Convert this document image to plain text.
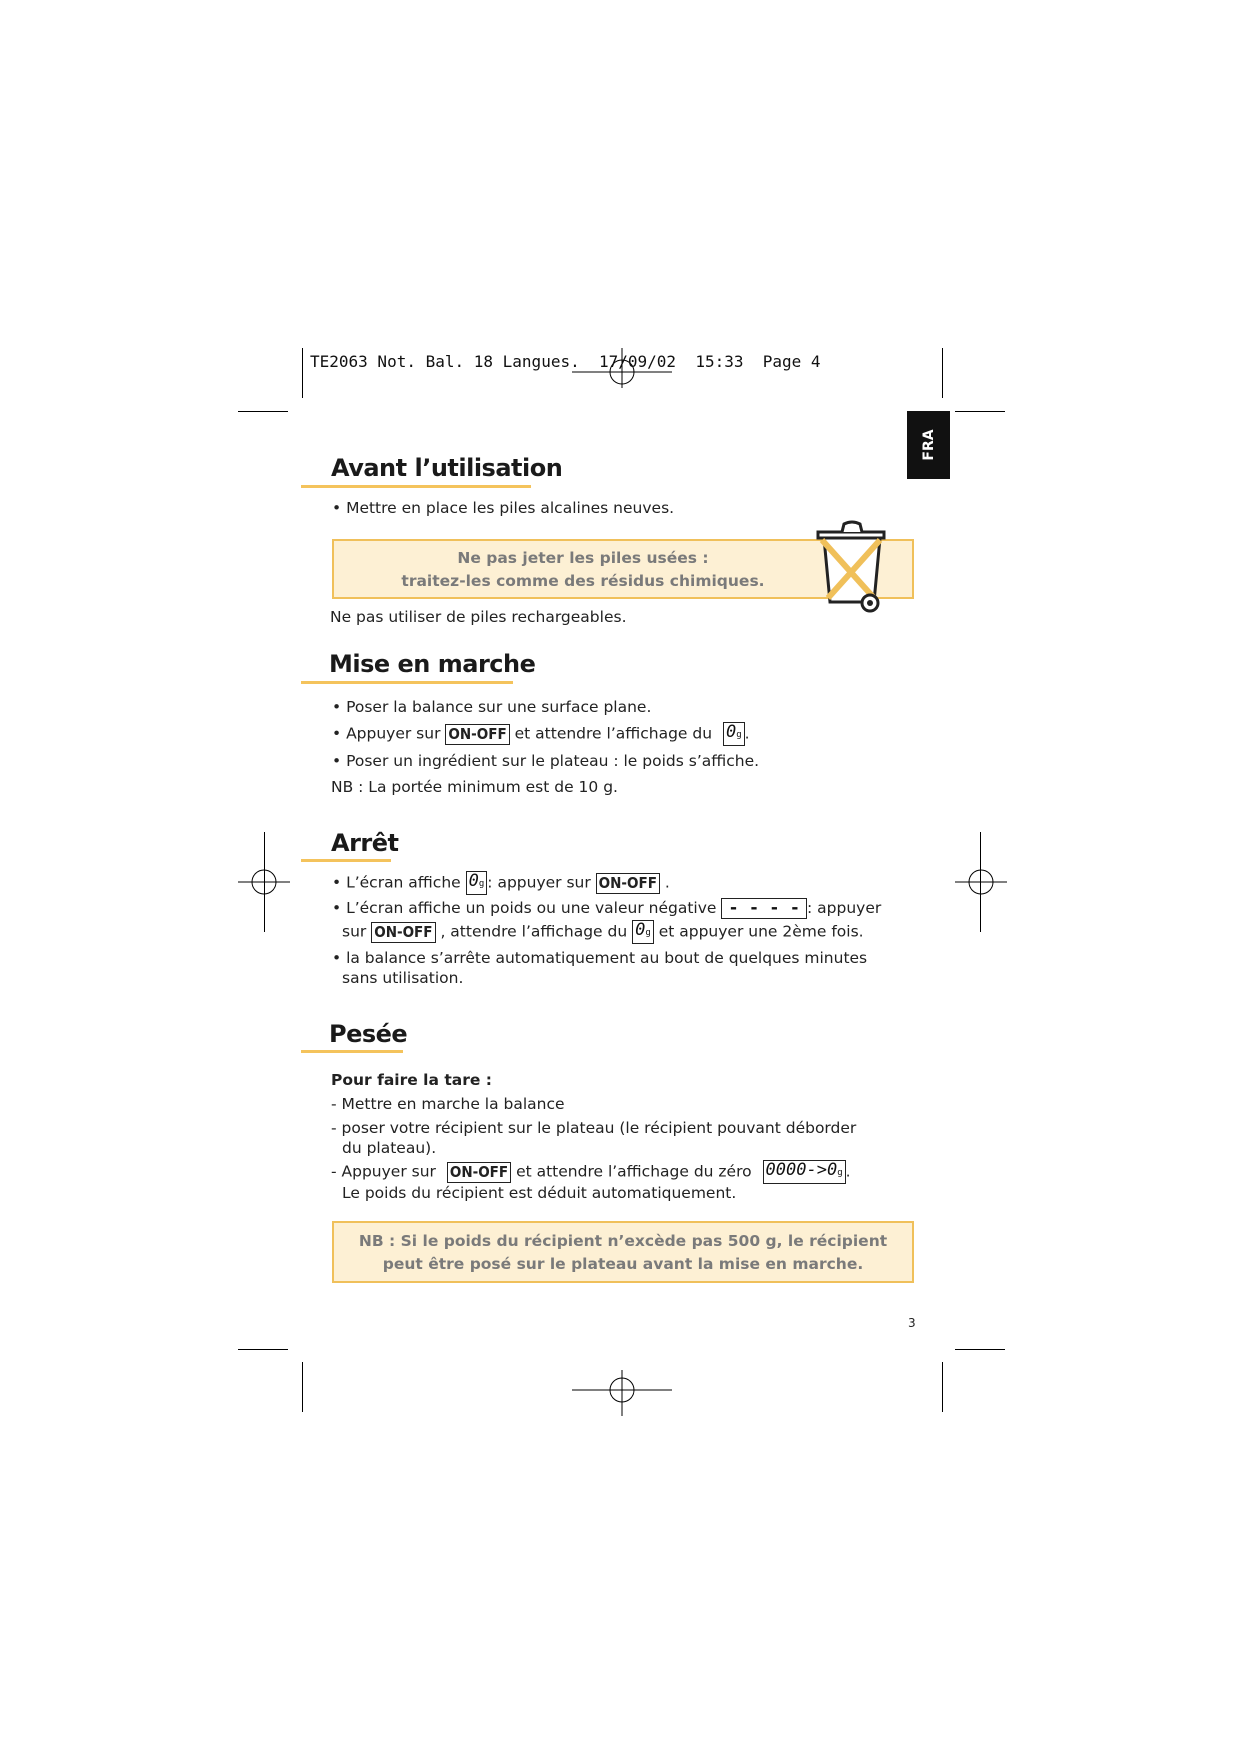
TE2063 Not. Bal. 18 Langues.  17/09/02  15:33  Page 4
FRA
Avant l’utilisation
• Mettre en place les piles alcalines neuves.
Ne pas jeter les piles usées :
traitez-les comme des résidus chimiques.
Ne pas utiliser de piles rechargeables.
Mise en marche
• Poser la balance sur une surface plane.
• Appuyer sur ON-OFF et attendre l’affichage du 0g .
• Poser un ingrédient sur le plateau : le poids s’affiche.
NB : La portée minimum est de 10 g.
Arrêt
• L’écran affiche 0g : appuyer sur ON-OFF .
• L’écran affiche un poids ou une valeur négative - - - - : appuyer
sur ON-OFF , attendre l’affichage du 0g et appuyer une 2ème fois.
• la balance s’arrête automatiquement au bout de quelques minutes
sans utilisation.
Pesée
Pour faire la tare :
- Mettre en marche la balance
- poser votre récipient sur le plateau (le récipient pouvant déborder
du plateau).
- Appuyer sur ON-OFF et attendre l’affichage du zéro 0000->0g .
Le poids du récipient est déduit automatiquement.
NB : Si le poids du récipient n’excède pas 500 g, le récipient
peut être posé sur le plateau avant la mise en marche.
3
